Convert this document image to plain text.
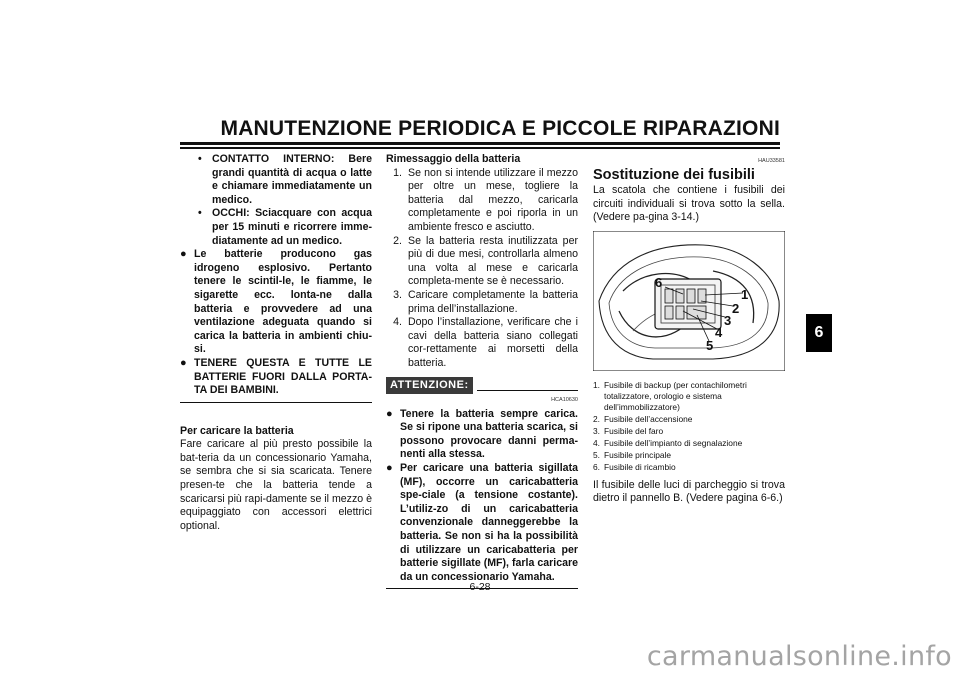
MANUTENZIONE PERIODICA E PICCOLE RIPARAZIONI
• CONTATTO INTERNO: Bere grandi quantità di acqua o latte e chiamare immediatamente un medico.
• OCCHI: Sciacquare con acqua per 15 minuti e ricorrere imme-diatamente ad un medico.
● Le batterie producono gas idrogeno esplosivo. Pertanto tenere le scintil-le, le fiamme, le sigarette ecc. lonta-ne dalla batteria e provvedere ad una ventilazione adeguata quando si carica la batteria in ambienti chiu-si.
● TENERE QUESTA E TUTTE LE BATTERIE FUORI DALLA PORTA-TA DEI BAMBINI.
Per caricare la batteria
Fare caricare al più presto possibile la bat-teria da un concessionario Yamaha, se sembra che si sia scaricata. Tenere presen-te che la batteria tende a scaricarsi più rapi-damente se il mezzo è equipaggiato con accessori elettrici optional.
Rimessaggio della batteria
1. Se non si intende utilizzare il mezzo per oltre un mese, togliere la batteria dal mezzo, caricarla completamente e poi riporla in un ambiente fresco e asciutto.
2. Se la batteria resta inutilizzata per più di due mesi, controllarla almeno una volta al mese e caricarla completa-mente se è necessario.
3. Caricare completamente la batteria prima dell’installazione.
4. Dopo l’installazione, verificare che i cavi della batteria siano collegati cor-rettamente ai morsetti della batteria.
ATTENZIONE:
HCA10630
● Tenere la batteria sempre carica. Se si ripone una batteria scarica, si possono provocare danni perma-nenti alla stessa.
● Per caricare una batteria sigillata (MF), occorre un caricabatteria spe-ciale (a tensione costante). L’utiliz-zo di un caricabatteria convenzionale danneggerebbe la batteria. Se non si ha la possibilità di utilizzare un caricabatteria per batterie sigillate (MF), farla caricare da un concessionario Yamaha.
HAU33581
Sostituzione dei fusibili
La scatola che contiene i fusibili dei circuiti individuali si trova sotto la sella. (Vedere pa-gina 3-14.)
6
1
2
3
4
5
1. Fusibile di backup (per contachilometri totalizzatore, orologio e sistema dell’immobilizzatore)
2. Fusibile dell’accensione
3. Fusibile del faro
4. Fusibile dell’impianto di segnalazione
5. Fusibile principale
6. Fusibile di ricambio
Il fusibile delle luci di parcheggio si trova dietro il pannello B. (Vedere pagina 6-6.)
6
6-28
carmanualsonline.info
